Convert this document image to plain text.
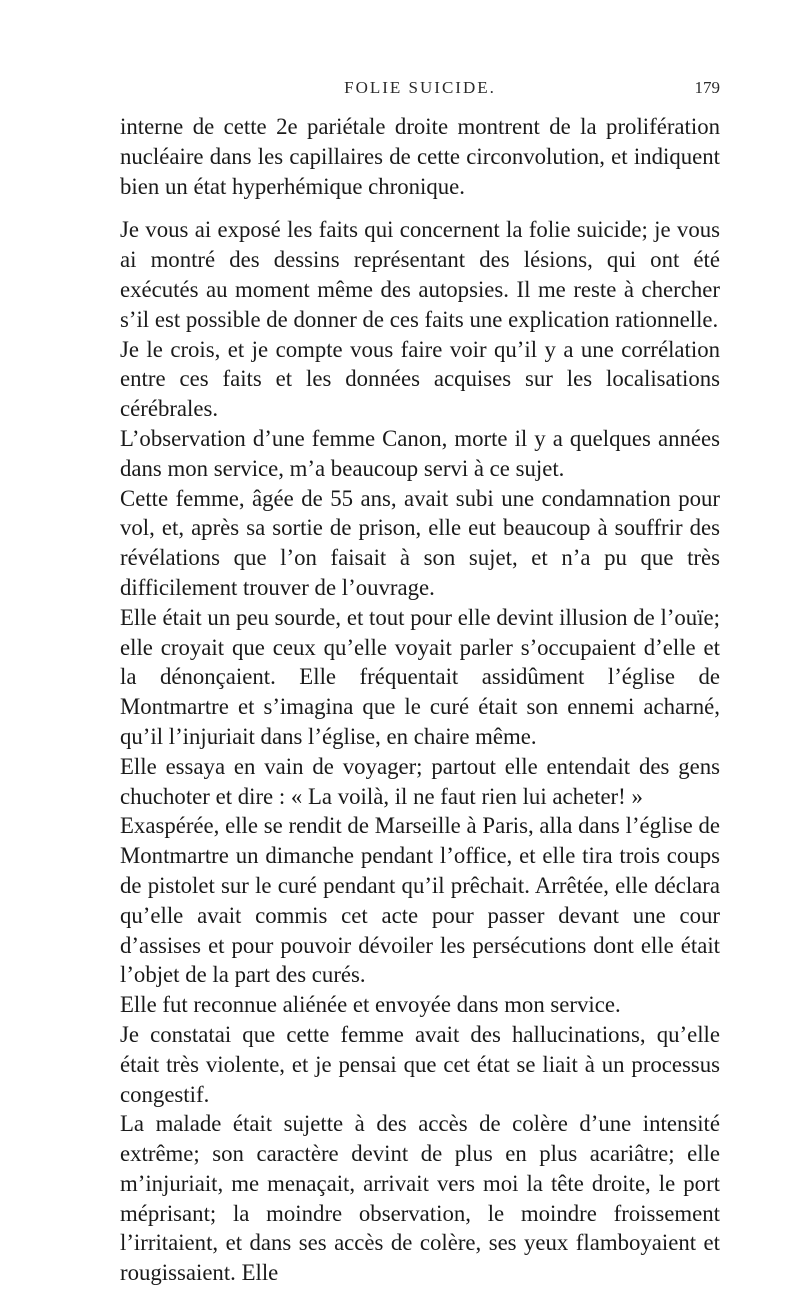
FOLIE SUICIDE.	179

interne de cette 2e pariétale droite montrent de la prolifération nucléaire dans les capillaires de cette circonvolution, et indiquent bien un état hyperhémique chronique.

Je vous ai exposé les faits qui concernent la folie suicide; je vous ai montré des dessins représentant des lésions, qui ont été exécutés au moment même des autopsies. Il me reste à chercher s’il est possible de donner de ces faits une explication rationnelle.

Je le crois, et je compte vous faire voir qu’il y a une corrélation entre ces faits et les données acquises sur les localisations cérébrales.

L’observation d’une femme Canon, morte il y a quelques années dans mon service, m’a beaucoup servi à ce sujet.

Cette femme, âgée de 55 ans, avait subi une condamnation pour vol, et, après sa sortie de prison, elle eut beaucoup à souffrir des révélations que l’on faisait à son sujet, et n’a pu que très difficilement trouver de l’ouvrage.

Elle était un peu sourde, et tout pour elle devint illusion de l’ouïe; elle croyait que ceux qu’elle voyait parler s’occupaient d’elle et la dénonçaient. Elle fréquentait assidûment l’église de Montmartre et s’imagina que le curé était son ennemi acharné, qu’il l’injuriait dans l’église, en chaire même.

Elle essaya en vain de voyager; partout elle entendait des gens chuchoter et dire : « La voilà, il ne faut rien lui acheter! »

Exaspérée, elle se rendit de Marseille à Paris, alla dans l’église de Montmartre un dimanche pendant l’office, et elle tira trois coups de pistolet sur le curé pendant qu’il prêchait. Arrêtée, elle déclara qu’elle avait commis cet acte pour passer devant une cour d’assises et pour pouvoir dévoiler les persécutions dont elle était l’objet de la part des curés.

Elle fut reconnue aliénée et envoyée dans mon service.

Je constatai que cette femme avait des hallucinations, qu’elle était très violente, et je pensai que cet état se liait à un processus congestif.

La malade était sujette à des accès de colère d’une intensité extrême; son caractère devint de plus en plus acariâtre; elle m’injuriait, me menaçait, arrivait vers moi la tête droite, le port méprisant; la moindre observation, le moindre froissement l’irritaient, et dans ses accès de colère, ses yeux flamboyaient et rougissaient. Elle
